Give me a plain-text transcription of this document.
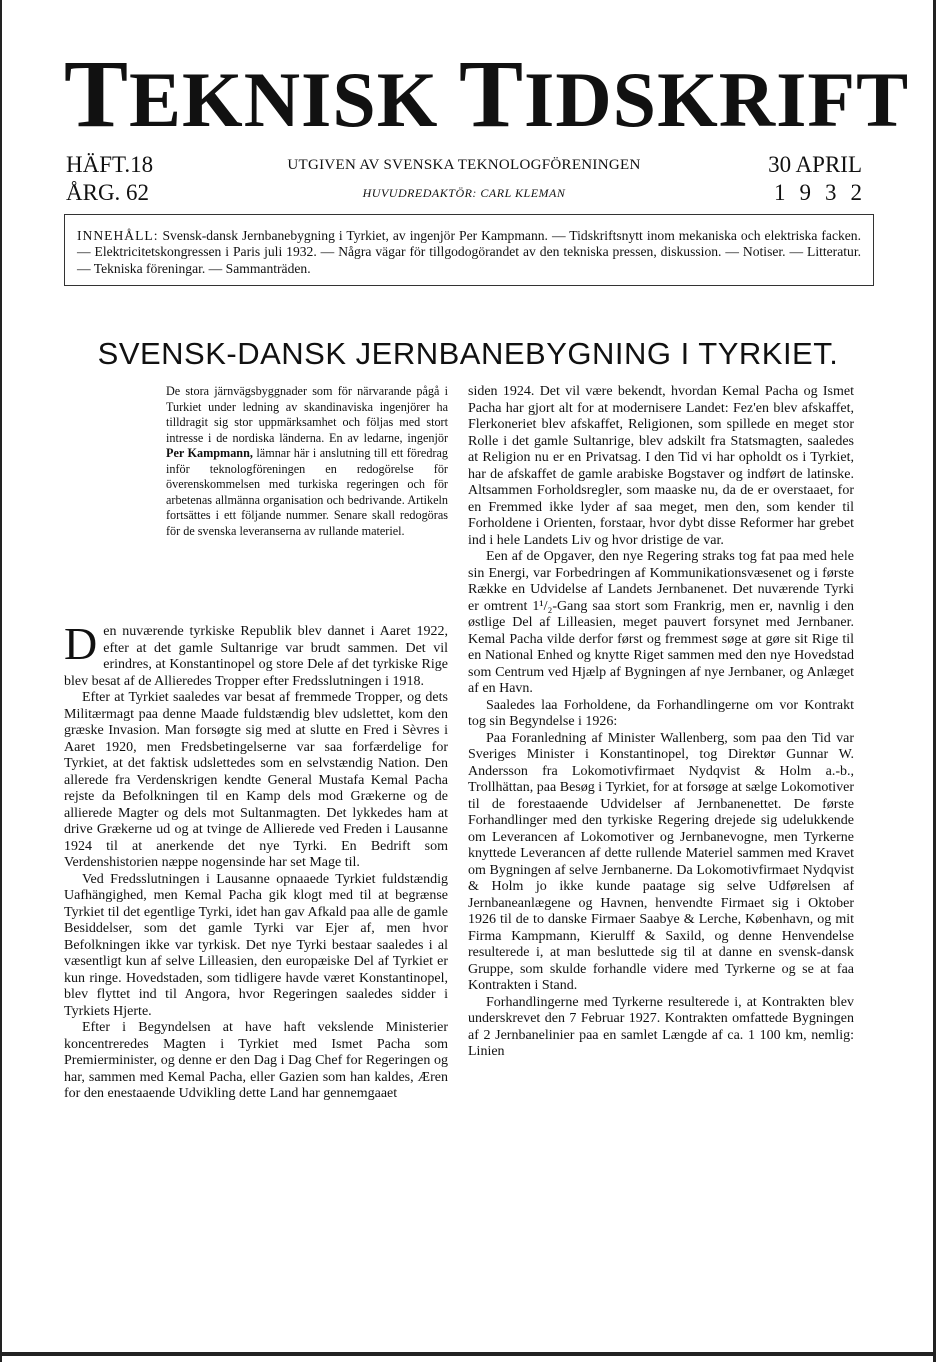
TEKNISK TIDSKRIFT
HÄFT.18
ÅRG. 62
UTGIVEN AV SVENSKA TEKNOLOGFÖRENINGEN
HUVUDREDAKTÖR: CARL KLEMAN
30 APRIL
1932
INNEHÅLL: Svensk-dansk Jernbanebygning i Tyrkiet, av ingenjör Per Kampmann. — Tidskriftsnytt inom mekaniska och elektriska facken. — Elektricitetskongressen i Paris juli 1932. — Några vägar för tillgodogörandet av den tekniska pressen, diskussion. — Notiser. — Litteratur. — Tekniska föreningar. — Sammanträden.
SVENSK-DANSK JERNBANEBYGNING I TYRKIET.
De stora järnvägsbyggnader som för närvarande pågå i Turkiet under ledning av skandinaviska ingenjörer ha tilldragit sig stor uppmärksamhet och följas med stort intresse i de nordiska länderna. En av ledarne, ingenjör Per Kampmann, lämnar här i anslutning till ett föredrag inför teknologföreningen en redogörelse för överenskommelsen med turkiska regeringen och för arbetenas allmänna organisation och bedrivande. Artikeln fortsättes i ett följande nummer. Senare skall redogöras för de svenska leveranserna av rullande materiel.

Den nuværende tyrkiske Republik blev dannet i Aaret 1922, efter at det gamle Sultanrige var brudt sammen. Det vil erindres, at Konstantinopel og store Dele af det tyrkiske Rige blev besat af de Allieredes Tropper efter Fredsslutningen i 1918.

Efter at Tyrkiet saaledes var besat af fremmede Tropper, og dets Militærmagt paa denne Maade fuldstændig blev udslettet, kom den græske Invasion. Man forsøgte sig med at slutte en Fred i Sèvres i Aaret 1920, men Fredsbetingelserne var saa forfærdelige for Tyrkiet, at det faktisk udslettedes som en selvstændig Nation. Den allerede fra Verdenskrigen kendte General Mustafa Kemal Pacha rejste da Befolkningen til en Kamp dels mod Grækerne og de allierede Magter og dels mot Sultanmagten. Det lykkedes ham at drive Grækerne ud og at tvinge de Allierede ved Freden i Lausanne 1924 til at anerkende det nye Tyrki. En Bedrift som Verdenshistorien næppe nogensinde har set Mage til.

Ved Fredsslutningen i Lausanne opnaaede Tyrkiet fuldstændig Uafhängighed, men Kemal Pacha gik klogt med til at begrænse Tyrkiet til det egentlige Tyrki, idet han gav Afkald paa alle de gamle Besiddelser, som det gamle Tyrki var Ejer af, men hvor Befolkningen ikke var tyrkisk. Det nye Tyrki bestaar saaledes i al væsentligt kun af selve Lilleasien, den europæiske Del af Tyrkiet er kun ringe. Hovedstaden, som tidligere havde været Konstantinopel, blev flyttet ind til Angora, hvor Regeringen saaledes sidder i Tyrkiets Hjerte.

Efter i Begyndelsen at have haft vekslende Ministerier koncentreredes Magten i Tyrkiet med Ismet Pacha som Premierminister, og denne er den Dag i Dag Chef for Regeringen og har, sammen med Kemal Pacha, eller Gazien som han kaldes, Æren for den enestaaende Udvikling dette Land har gennemgaaet

siden 1924. Det vil være bekendt, hvordan Kemal Pacha og Ismet Pacha har gjort alt for at modernisere Landet: Fez'en blev afskaffet, Flerkoneriet blev afskaffet, Religionen, som spillede en meget stor Rolle i det gamle Sultanrige, blev adskilt fra Statsmagten, saaledes at Religion nu er en Privatsag. I den Tid vi har opholdt os i Tyrkiet, har de afskaffet de gamle arabiske Bogstaver og indført de latinske. Altsammen Forholdsregler, som maaske nu, da de er overstaaet, for en Fremmed ikke lyder af saa meget, men den, som kender til Forholdene i Orienten, forstaar, hvor dybt disse Reformer har grebet ind i hele Landets Liv og hvor dristige de var.

Een af de Opgaver, den nye Regering straks tog fat paa med hele sin Energi, var Forbedringen af Kommunikationsvæsenet og i første Række en Udvidelse af Landets Jernbanenet. Det nuværende Tyrki er omtrent 1¹/₂-Gang saa stort som Frankrig, men er, navnlig i den østlige Del af Lilleasien, meget pauvert forsynet med Jernbaner. Kemal Pacha vilde derfor først og fremmest søge at gøre sit Rige til en National Enhed og knytte Riget sammen med den nye Hovedstad som Centrum ved Hjælp af Bygningen af nye Jernbaner, og Anlæget af en Havn.

Saaledes laa Forholdene, da Forhandlingerne om vor Kontrakt tog sin Begyndelse i 1926:

Paa Foranledning af Minister Wallenberg, som paa den Tid var Sveriges Minister i Konstantinopel, tog Direktør Gunnar W. Andersson fra Lokomotivfirmaet Nydqvist & Holm a.-b., Trollhättan, paa Besøg i Tyrkiet, for at forsøge at sælge Lokomotiver til de forestaaende Udvidelser af Jernbanenettet. De første Forhandlinger med den tyrkiske Regering drejede sig udelukkende om Leverancen af Lokomotiver og Jernbanevogne, men Tyrkerne knyttede Leverancen af dette rullende Materiel sammen med Kravet om Bygningen af selve Jernbanerne. Da Lokomotivfirmaet Nydqvist & Holm jo ikke kunde paatage sig selve Udførelsen af Jernbaneanlægene og Havnen, henvendte Firmaet sig i Oktober 1926 til de to danske Firmaer Saabye & Lerche, København, og mit Firma Kampmann, Kierulff & Saxild, og denne Henvendelse resulterede i, at man besluttede sig til at danne en svensk-dansk Gruppe, som skulde forhandle videre med Tyrkerne og se at faa Kontrakten i Stand.

Forhandlingerne med Tyrkerne resulterede i, at Kontrakten blev underskrevet den 7 Februar 1927. Kontrakten omfattede Bygningen af 2 Jernbanelinier paa en samlet Længde af ca. 1 100 km, nemlig: Linien
